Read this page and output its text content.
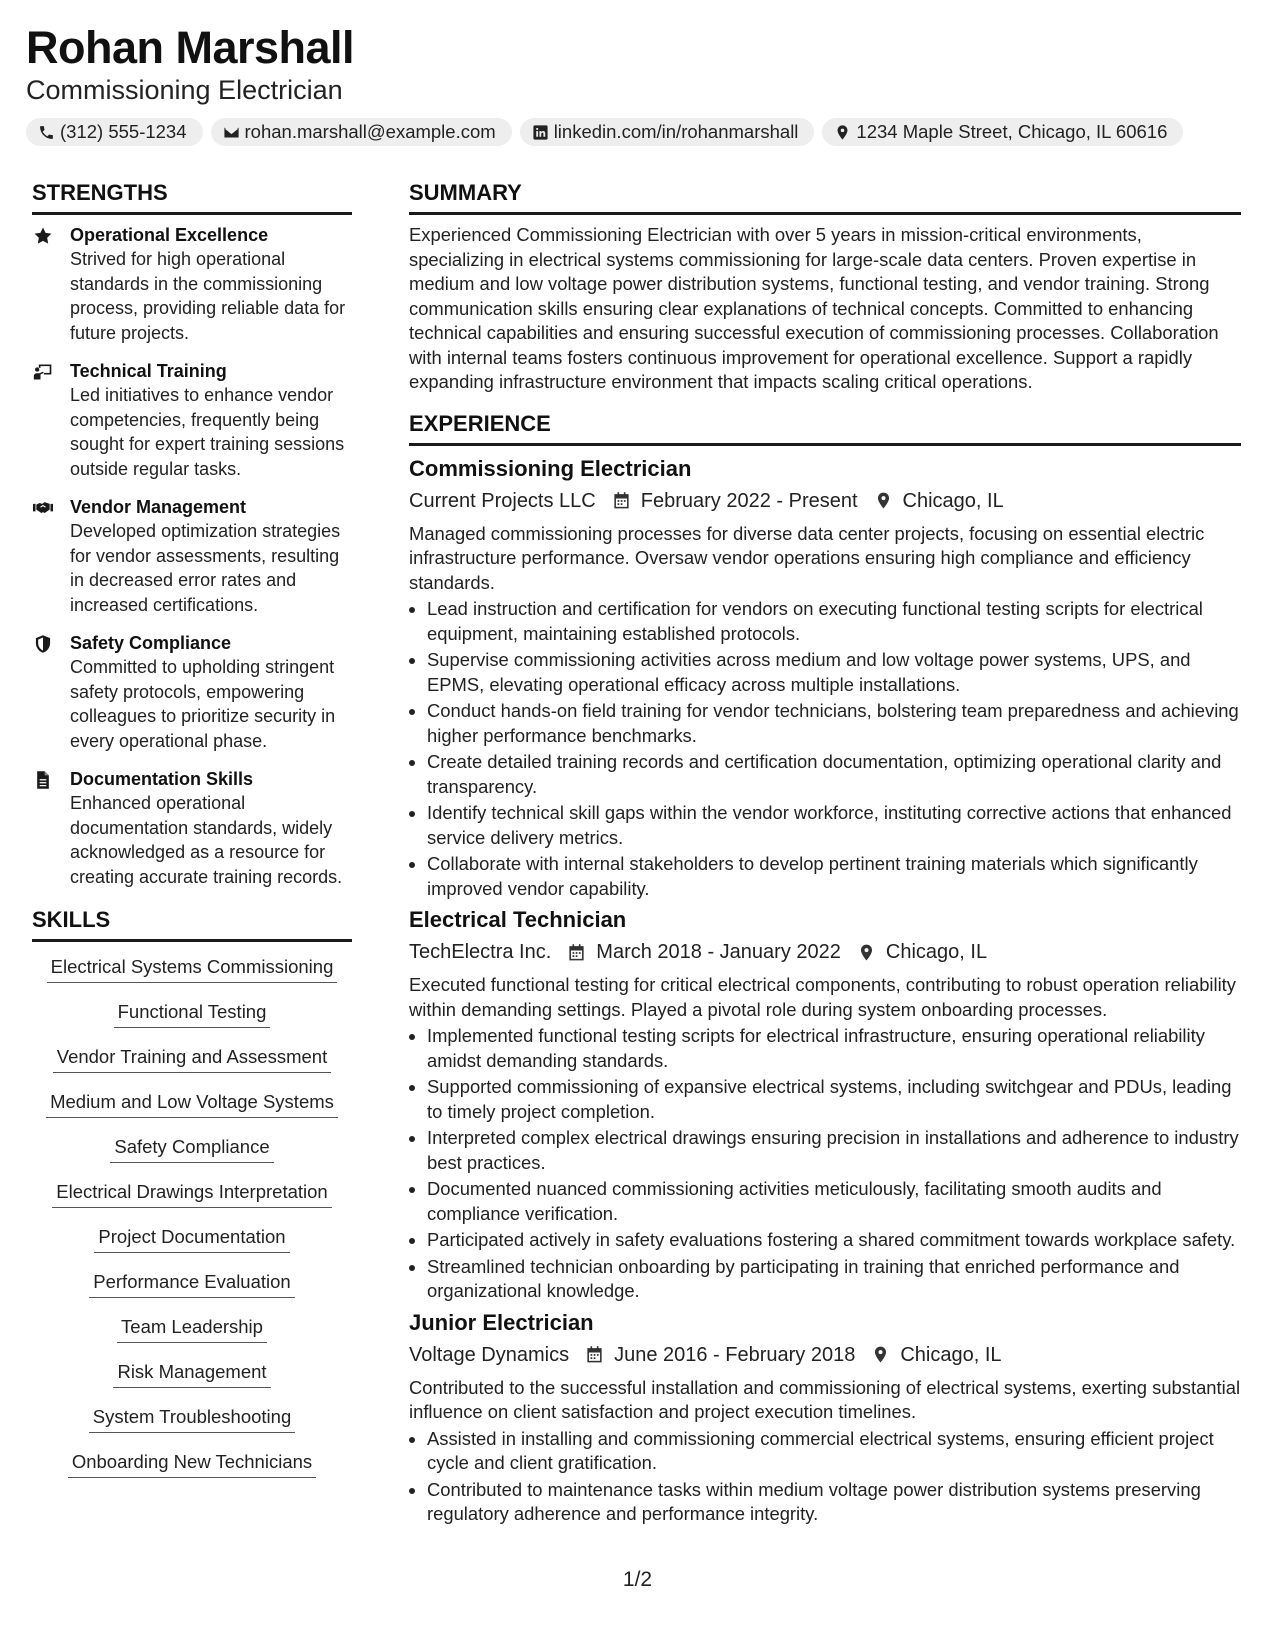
Rohan Marshall
Commissioning Electrician
(312) 555-1234	rohan.marshall@example.com	linkedin.com/in/rohanmarshall	1234 Maple Street, Chicago, IL 60616
STRENGTHS
Operational Excellence
Strived for high operational standards in the commissioning process, providing reliable data for future projects.
Technical Training
Led initiatives to enhance vendor competencies, frequently being sought for expert training sessions outside regular tasks.
Vendor Management
Developed optimization strategies for vendor assessments, resulting in decreased error rates and increased certifications.
Safety Compliance
Committed to upholding stringent safety protocols, empowering colleagues to prioritize security in every operational phase.
Documentation Skills
Enhanced operational documentation standards, widely acknowledged as a resource for creating accurate training records.
SKILLS
Electrical Systems Commissioning
Functional Testing
Vendor Training and Assessment
Medium and Low Voltage Systems
Safety Compliance
Electrical Drawings Interpretation
Project Documentation
Performance Evaluation
Team Leadership
Risk Management
System Troubleshooting
Onboarding New Technicians
SUMMARY
Experienced Commissioning Electrician with over 5 years in mission-critical environments, specializing in electrical systems commissioning for large-scale data centers. Proven expertise in medium and low voltage power distribution systems, functional testing, and vendor training. Strong communication skills ensuring clear explanations of technical concepts. Committed to enhancing technical capabilities and ensuring successful execution of commissioning processes. Collaboration with internal teams fosters continuous improvement for operational excellence. Support a rapidly expanding infrastructure environment that impacts scaling critical operations.
EXPERIENCE
Commissioning Electrician
Current Projects LLC February 2022 - Present Chicago, IL
Managed commissioning processes for diverse data center projects, focusing on essential electric infrastructure performance. Oversaw vendor operations ensuring high compliance and efficiency standards.
• Lead instruction and certification for vendors on executing functional testing scripts for electrical equipment, maintaining established protocols.
• Supervise commissioning activities across medium and low voltage power systems, UPS, and EPMS, elevating operational efficacy across multiple installations.
• Conduct hands-on field training for vendor technicians, bolstering team preparedness and achieving higher performance benchmarks.
• Create detailed training records and certification documentation, optimizing operational clarity and transparency.
• Identify technical skill gaps within the vendor workforce, instituting corrective actions that enhanced service delivery metrics.
• Collaborate with internal stakeholders to develop pertinent training materials which significantly improved vendor capability.
Electrical Technician
TechElectra Inc. March 2018 - January 2022 Chicago, IL
Executed functional testing for critical electrical components, contributing to robust operation reliability within demanding settings. Played a pivotal role during system onboarding processes.
• Implemented functional testing scripts for electrical infrastructure, ensuring operational reliability amidst demanding standards.
• Supported commissioning of expansive electrical systems, including switchgear and PDUs, leading to timely project completion.
• Interpreted complex electrical drawings ensuring precision in installations and adherence to industry best practices.
• Documented nuanced commissioning activities meticulously, facilitating smooth audits and compliance verification.
• Participated actively in safety evaluations fostering a shared commitment towards workplace safety.
• Streamlined technician onboarding by participating in training that enriched performance and organizational knowledge.
Junior Electrician
Voltage Dynamics June 2016 - February 2018 Chicago, IL
Contributed to the successful installation and commissioning of electrical systems, exerting substantial influence on client satisfaction and project execution timelines.
• Assisted in installing and commissioning commercial electrical systems, ensuring efficient project cycle and client gratification.
• Contributed to maintenance tasks within medium voltage power distribution systems preserving regulatory adherence and performance integrity.
1/2
